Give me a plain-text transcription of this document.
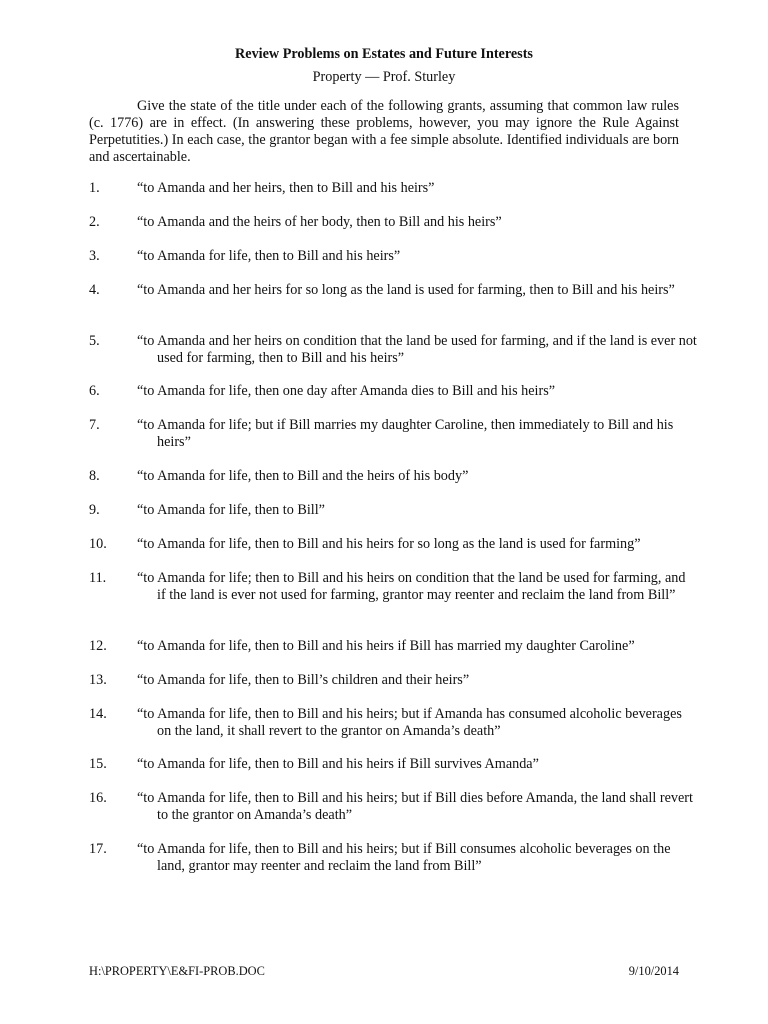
Review Problems on Estates and Future Interests
Property — Prof. Sturley

Give the state of the title under each of the following grants, assuming that common law rules (c. 1776) are in effect. (In answering these problems, however, you may ignore the Rule Against Perpetutities.) In each case, the grantor began with a fee simple absolute. Identified individuals are born and ascertainable.

1.	“to Amanda and her heirs, then to Bill and his heirs”
2.	“to Amanda and the heirs of her body, then to Bill and his heirs”
3.	“to Amanda for life, then to Bill and his heirs”
4.	“to Amanda and her heirs for so long as the land is used for farming, then to Bill and his heirs”
5.	“to Amanda and her heirs on condition that the land be used for farming, and if the land is ever not used for farming, then to Bill and his heirs”
6.	“to Amanda for life, then one day after Amanda dies to Bill and his heirs”
7.	“to Amanda for life; but if Bill marries my daughter Caroline, then immediately to Bill and his heirs”
8.	“to Amanda for life, then to Bill and the heirs of his body”
9.	“to Amanda for life, then to Bill”
10. “to Amanda for life, then to Bill and his heirs for so long as the land is used for farming”
11. “to Amanda for life; then to Bill and his heirs on condition that the land be used for farming, and if the land is ever not used for farming, grantor may reenter and reclaim the land from Bill”
12. “to Amanda for life, then to Bill and his heirs if Bill has married my daughter Caroline”
13. “to Amanda for life, then to Bill’s children and their heirs”
14. “to Amanda for life, then to Bill and his heirs; but if Amanda has consumed alcoholic beverages on the land, it shall revert to the grantor on Amanda’s death”
15. “to Amanda for life, then to Bill and his heirs if Bill survives Amanda”
16. “to Amanda for life, then to Bill and his heirs; but if Bill dies before Amanda, the land shall revert to the grantor on Amanda’s death”
17. “to Amanda for life, then to Bill and his heirs; but if Bill consumes alcoholic beverages on the land, grantor may reenter and reclaim the land from Bill”
H:\PROPERTY\E&FI-PROB.DOC	9/10/2014
